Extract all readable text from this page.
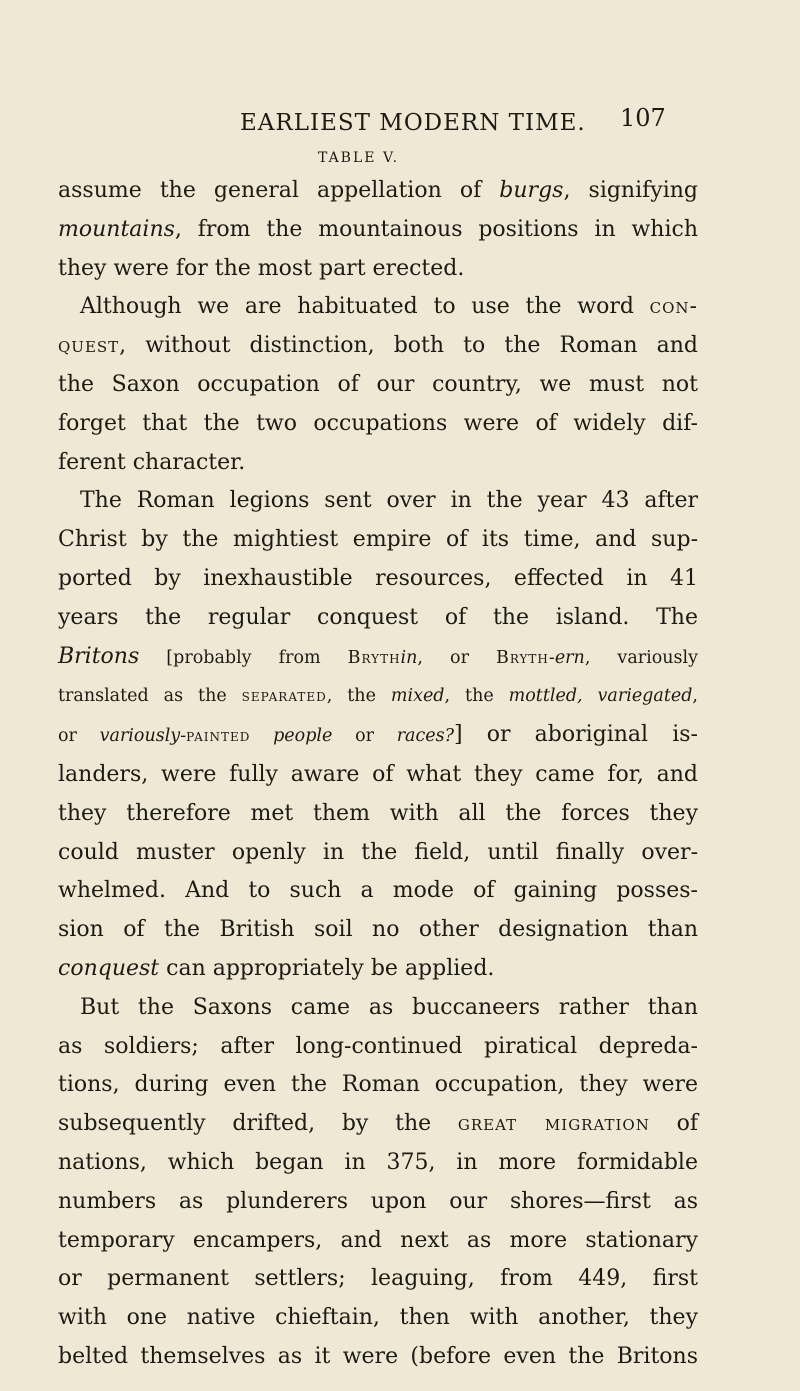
EARLIEST MODERN TIME. 107
TABLE V.
assume the general appellation of burgs, signifying
mountains, from the mountainous positions in which
they were for the most part erected.
Although we are habituated to use the word con-
quest, without distinction, both to the Roman and
the Saxon occupation of our country, we must not
forget that the two occupations were of widely dif-
ferent character.
The Roman legions sent over in the year 43 after
Christ by the mightiest empire of its time, and sup-
ported by inexhaustible resources, effected in 41
years the regular conquest of the island. The
Britons [probably from Brythin, or Bryth-ern, variously
translated as the separated, the mixed, the mottled, variegated,
or variously-painted people or races?] or aboriginal is-
landers, were fully aware of what they came for, and
they therefore met them with all the forces they
could muster openly in the field, until finally over-
whelmed. And to such a mode of gaining posses-
sion of the British soil no other designation than
conquest can appropriately be applied.
But the Saxons came as buccaneers rather than
as soldiers; after long-continued piratical depreda-
tions, during even the Roman occupation, they were
subsequently drifted, by the great migration of
nations, which began in 375, in more formidable
numbers as plunderers upon our shores—first as
temporary encampers, and next as more stationary
or permanent settlers; leaguing, from 449, first
with one native chieftain, then with another, they
belted themselves as it were (before even the Britons
